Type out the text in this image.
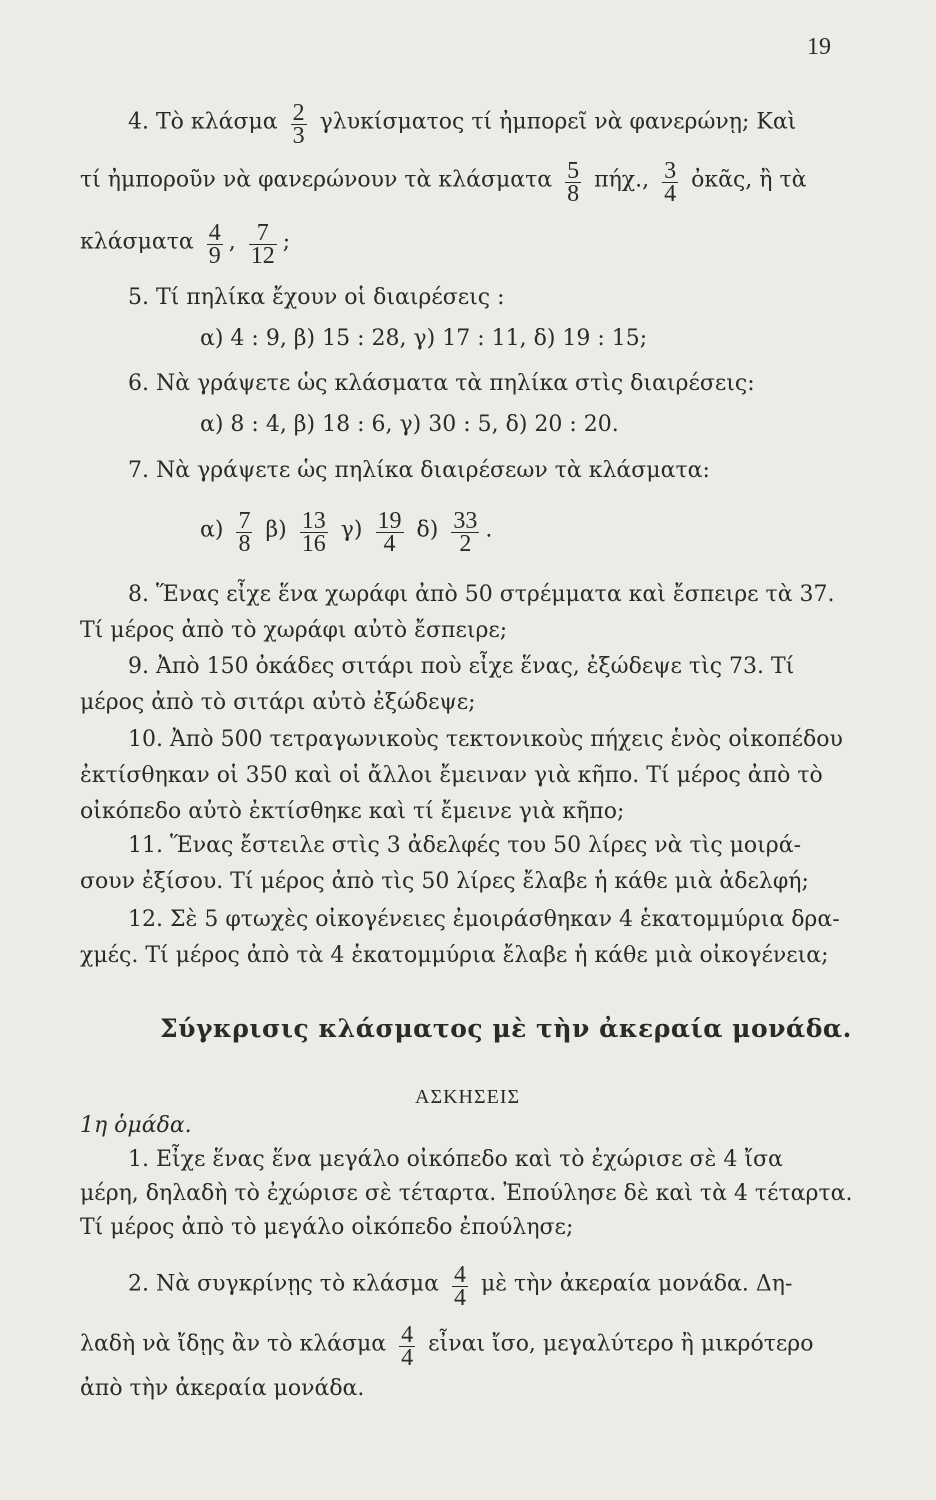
19
4. Τὸ κλάσμα $\frac{2}{3}$ γλυκίσματος τί ἠμπορεῖ νὰ φανερώνῃ; Καὶ
τί ἠμποροῦν νὰ φανερώνουν τὰ κλάσματα $\frac{5}{8} \pi ή\chi$., $\frac{3}{4}$ ὀκᾶς, ἢ τὰ
κλάσματα $\frac{4}{9}$ , $\frac{7}{12}$ ;
5. Τί πηλίκα ἔχουν οἱ διαιρέσεις :
α) 4 : 9, β) 15 : 28, γ) 17 : 11, δ) 19 : 15;
6. Νὰ γράψετε ὡς κλάσματα τὰ πηλίκα στὶς διαιρέσεις:
α) 8 : 4, β) 18 : 6, γ) 30 : 5, δ) 20 : 20.
7. Νὰ γράψετε ὡς πηλίκα διαιρέσεων τὰ κλάσματα:
$\alpha) \frac{7}{8} \beta) \frac{13}{16} \gamma) \frac{19}{4} \delta) \frac{33}{2}$ .
8. Ἕνας εἶχε ἕνα χωράφι ἀπὸ 50 στρέμματα καὶ ἔσπειρε τὰ 37.
Τί μέρος ἀπὸ τὸ χωράφι αὐτὸ ἔσπειρε;
9. Ἀπὸ 150 ὀκάδες σιτάρι ποὺ εἶχε ἕνας, ἐξώδεψε τὶς 73. Τί
μέρος ἀπὸ τὸ σιτάρι αὐτὸ ἐξώδεψε;
10. Ἀπὸ 500 τετραγωνικοὺς τεκτονικοὺς πήχεις ἑνὸς οἰκοπέδου
ἐκτίσθηκαν οἱ 350 καὶ οἱ ἄλλοι ἔμειναν γιὰ κῆπο. Τί μέρος ἀπὸ τὸ
οἰκόπεδο αὐτὸ ἐκτίσθηκε καὶ τί ἔμεινε γιὰ κῆπο;
11. Ἕνας ἔστειλε στὶς 3 ἀδελφές του 50 λίρες νὰ τὶς μοιρά-
σουν ἐξίσου. Τί μέρος ἀπὸ τὶς 50 λίρες ἔλαβε ἡ κάθε μιὰ ἀδελφή;
12. Σὲ 5 φτωχὲς οἰκογένειες ἐμοιράσθηκαν 4 ἑκατομμύρια δρα-
χμές. Τί μέρος ἀπὸ τὰ 4 ἑκατομμύρια ἔλαβε ἡ κάθε μιὰ οἰκογένεια;
Σύγκρισις κλάσματος μὲ τὴν ἀκεραία μονάδα.
ΑΣΚΗΣΕΙΣ
1η ὁμάδα.
1. Εἶχε ἕνας ἕνα μεγάλο οἰκόπεδο καὶ τὸ ἐχώρισε σὲ 4 ἴσα
μέρη, δηλαδὴ τὸ ἐχώρισε σὲ τέταρτα. Ἐπούλησε δὲ καὶ τὰ 4 τέταρτα.
Τί μέρος ἀπὸ τὸ μεγάλο οἰκόπεδο ἐπούλησε;
2. Νὰ συγκρίνῃς τὸ κλάσμα $\frac{4}{4}$ μὲ τὴν ἀκεραία μονάδα. Δη-
λαδὴ νὰ ἴδῃς ἂν τὸ κλάσμα $\frac{4}{4}$ εἶναι ἴσο, μεγαλύτερο ἢ μικρότερο
ἀπὸ τὴν ἀκεραία μονάδα.
